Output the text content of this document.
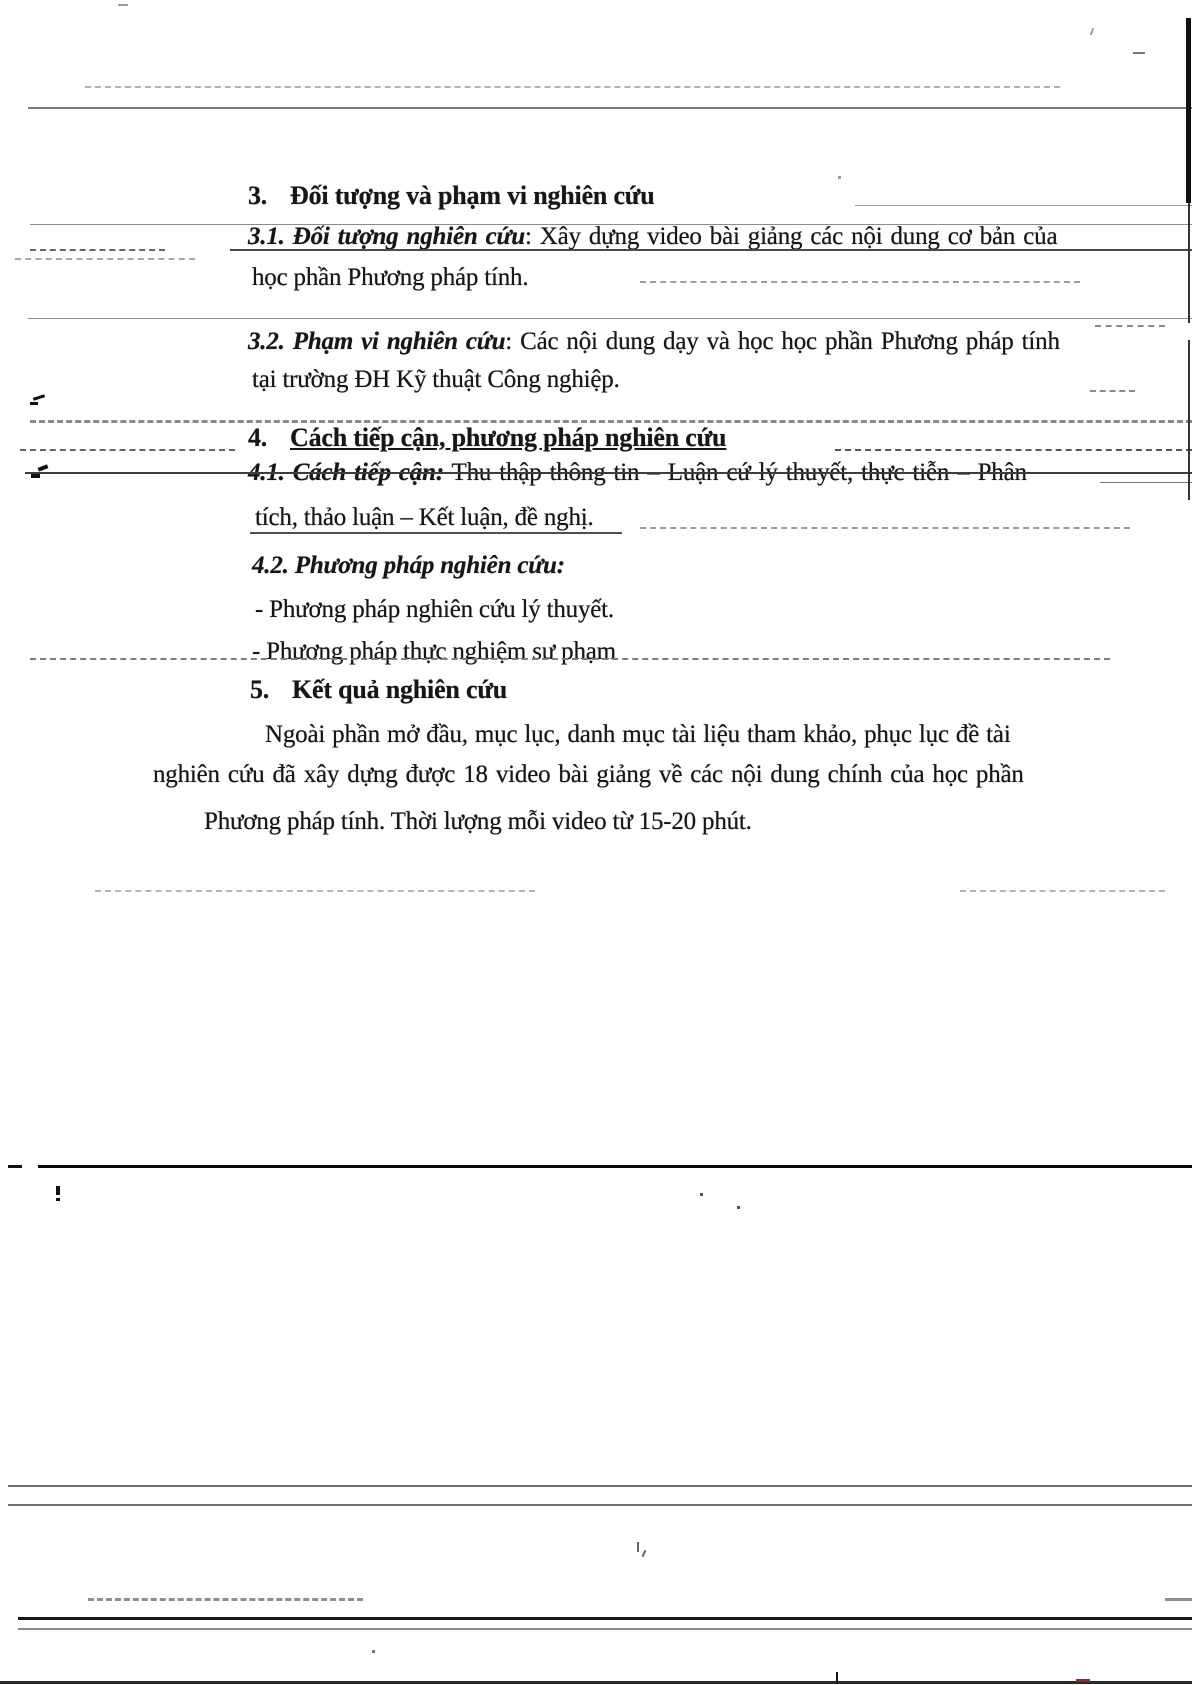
3. Đối tượng và phạm vi nghiên cứu
3.1. Đối tượng nghiên cứu: Xây dựng video bài giảng các nội dung cơ bản của
học phần Phương pháp tính.
3.2. Phạm vi nghiên cứu: Các nội dung dạy và học học phần Phương pháp tính
tại trường ĐH Kỹ thuật Công nghiệp.
4. Cách tiếp cận, phương pháp nghiên cứu
4.1. Cách tiếp cận: Thu thập thông tin – Luận cứ lý thuyết, thực tiễn – Phân
tích, thảo luận – Kết luận, đề nghị.
4.2. Phương pháp nghiên cứu:
- Phương pháp nghiên cứu lý thuyết.
- Phương pháp thực nghiệm sư phạm
5. Kết quả nghiên cứu
Ngoài phần mở đầu, mục lục, danh mục tài liệu tham khảo, phục lục đề tài
nghiên cứu đã xây dựng được 18 video bài giảng về các nội dung chính của học phần
Phương pháp tính. Thời lượng mỗi video từ 15-20 phút.
